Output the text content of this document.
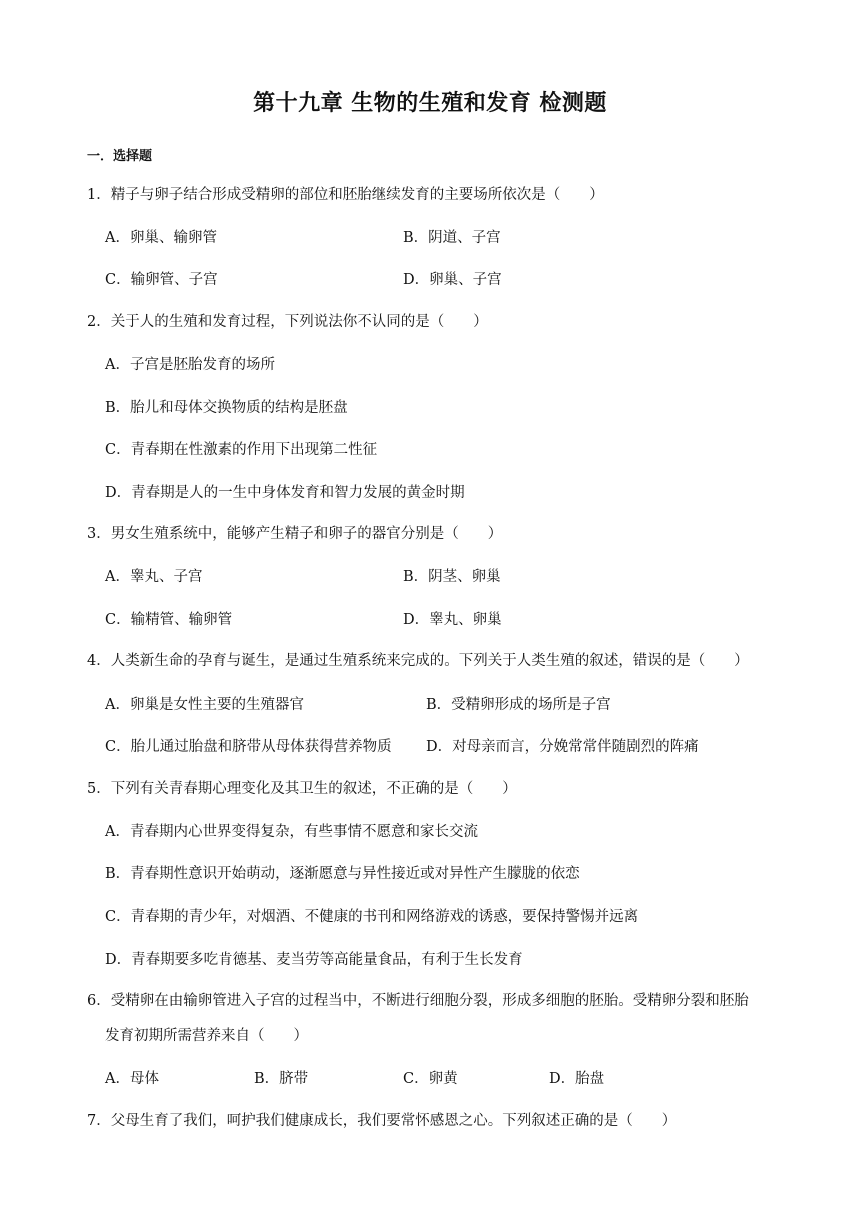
第十九章 生物的生殖和发育 检测题
一．选择题
1．精子与卵子结合形成受精卵的部位和胚胎继续发育的主要场所依次是（　　）
A．卵巢、输卵管	B．阴道、子宫
C．输卵管、子宫	D．卵巢、子宫
2．关于人的生殖和发育过程，下列说法你不认同的是（　　）
A．子宫是胚胎发育的场所
B．胎儿和母体交换物质的结构是胚盘
C．青春期在性激素的作用下出现第二性征
D．青春期是人的一生中身体发育和智力发展的黄金时期
3．男女生殖系统中，能够产生精子和卵子的器官分别是（　　）
A．睾丸、子宫	B．阴茎、卵巢
C．输精管、输卵管	D．睾丸、卵巢
4．人类新生命的孕育与诞生，是通过生殖系统来完成的。下列关于人类生殖的叙述，错误的是（　　）
A．卵巢是女性主要的生殖器官	B．受精卵形成的场所是子宫
C．胎儿通过胎盘和脐带从母体获得营养物质 D．对母亲而言，分娩常常伴随剧烈的阵痛
5．下列有关青春期心理变化及其卫生的叙述，不正确的是（　　）
A．青春期内心世界变得复杂，有些事情不愿意和家长交流
B．青春期性意识开始萌动，逐渐愿意与异性接近或对异性产生朦胧的依恋
C．青春期的青少年，对烟酒、不健康的书刊和网络游戏的诱惑，要保持警惕并远离
D．青春期要多吃肯德基、麦当劳等高能量食品，有利于生长发育
6．受精卵在由输卵管进入子宫的过程当中，不断进行细胞分裂，形成多细胞的胚胎。受精卵分裂和胚胎
发育初期所需营养来自（　　）
A．母体	B．脐带	C．卵黄	D．胎盘
7．父母生育了我们，呵护我们健康成长，我们要常怀感恩之心。下列叙述正确的是（　　）
